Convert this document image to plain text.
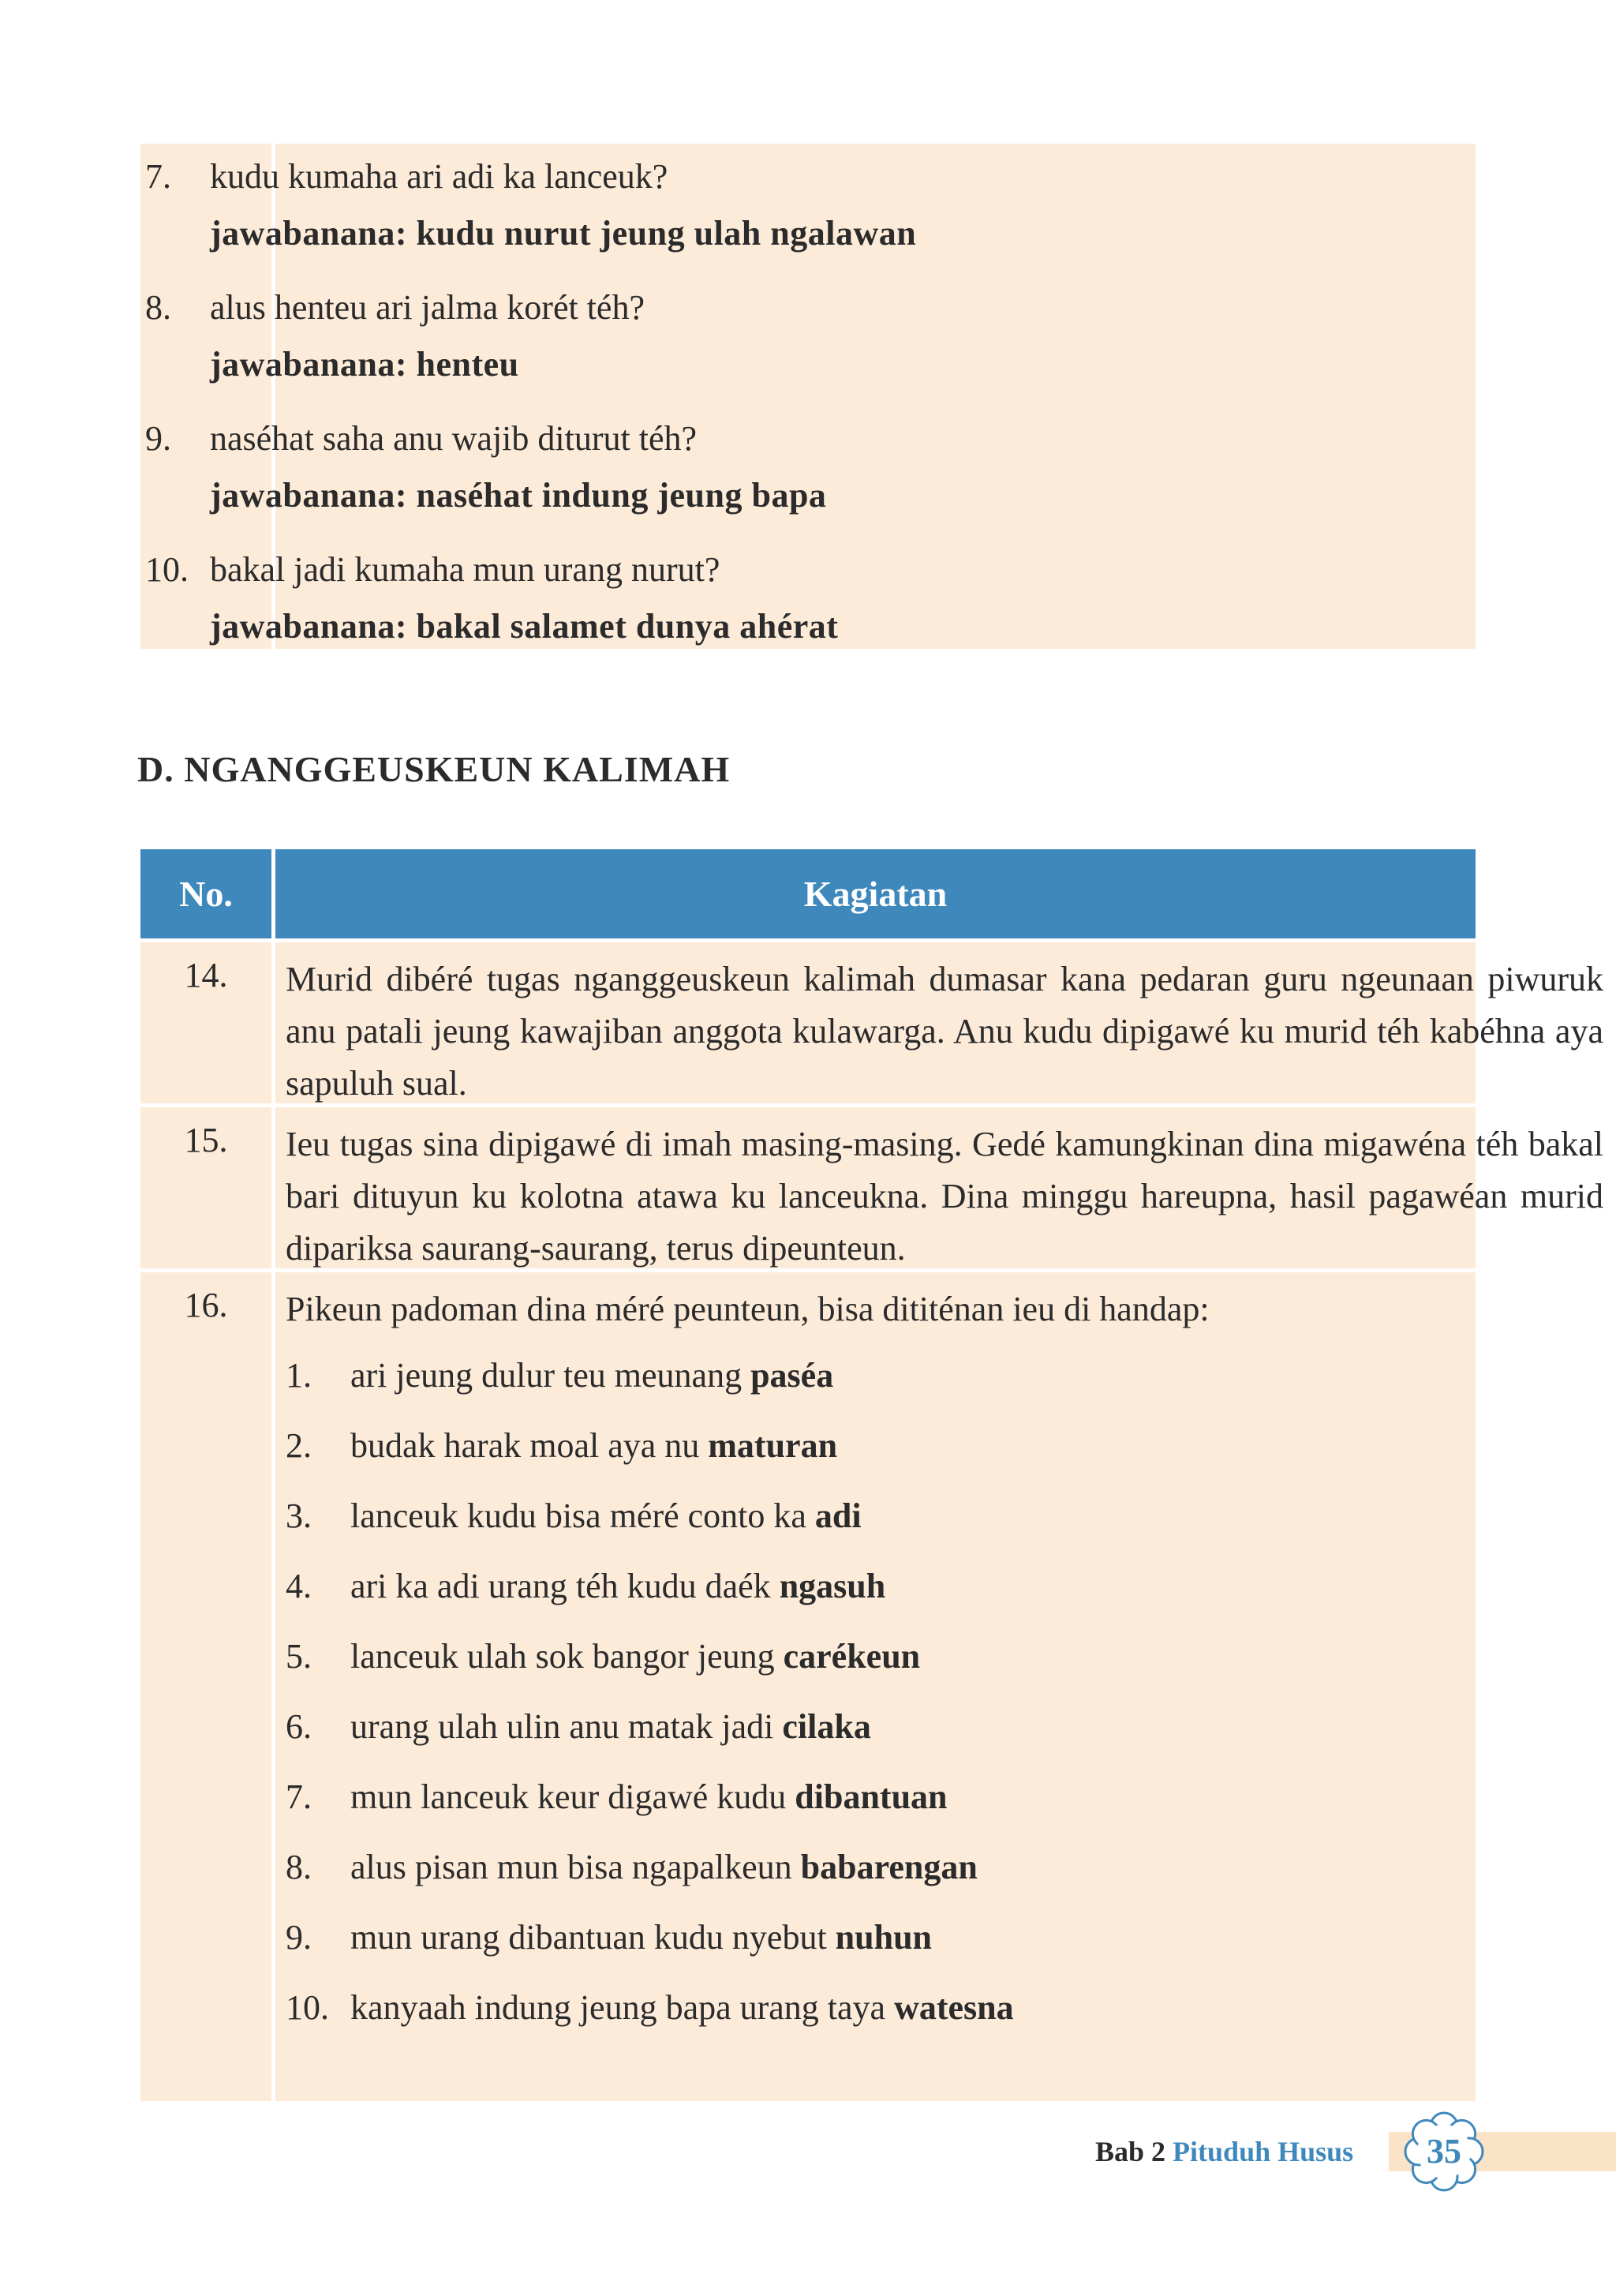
7. kudu kumaha ari adi ka lanceuk?
jawabanana: kudu nurut jeung ulah ngalawan
8. alus henteu ari jalma korét téh?
jawabanana: henteu
9. naséhat saha anu wajib diturut téh?
jawabanana: naséhat indung jeung bapa
10. bakal jadi kumaha mun urang nurut?
jawabanana: bakal salamet dunya ahérat
D. NGANGGEUSKEUN KALIMAH
No.	Kagiatan
14.	Murid dibéré tugas nganggeuskeun kalimah dumasar kana pedaran guru ngeunaan piwuruk anu patali jeung kawajiban anggota kulawarga. Anu kudu dipigawé ku murid téh kabéhna aya sapuluh sual.
15.	Ieu tugas sina dipigawé di imah masing-masing. Gedé kamungkinan dina migawéna téh bakal bari dituyun ku kolotna atawa ku lanceukna. Dina minggu hareupna, hasil pagawéan murid dipariksa saurang-saurang, terus dipeunteun.
16.	Pikeun padoman dina méré peunteun, bisa dititénan ieu di handap:
1. ari jeung dulur teu meunang paséa
2. budak harak moal aya nu maturan
3. lanceuk kudu bisa méré conto ka adi
4. ari ka adi urang téh kudu daék ngasuh
5. lanceuk ulah sok bangor jeung carékeun
6. urang ulah ulin anu matak jadi cilaka
7. mun lanceuk keur digawé kudu dibantuan
8. alus pisan mun bisa ngapalkeun babarengan
9. mun urang dibantuan kudu nyebut nuhun
10. kanyaah indung jeung bapa urang taya watesna
Bab 2 Pituduh Husus	35
